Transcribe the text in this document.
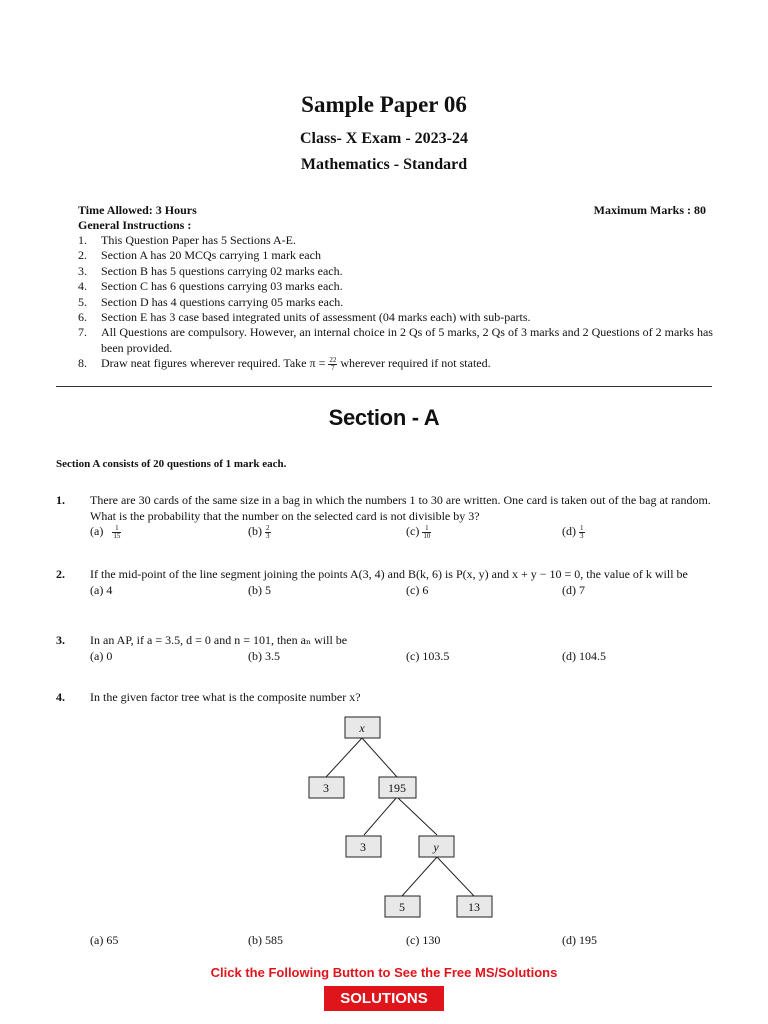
Sample Paper 06
Class- X Exam - 2023-24
Mathematics - Standard
Time Allowed: 3 Hours	Maximum Marks : 80
General Instructions :
1. This Question Paper has 5 Sections A-E.
2. Section A has 20 MCQs carrying 1 mark each
3. Section B has 5 questions carrying 02 marks each.
4. Section C has 6 questions carrying 03 marks each.
5. Section D has 4 questions carrying 05 marks each.
6. Section E has 3 case based integrated units of assessment (04 marks each) with sub-parts.
7. All Questions are compulsory. However, an internal choice in 2 Qs of 5 marks, 2 Qs of 3 marks and 2 Questions of 2 marks has been provided.
8. Draw neat figures wherever required. Take $\pi = \frac{22}{7}$ wherever required if not stated.
Section - A
Section A consists of 20 questions of 1 mark each.
1. There are 30 cards of the same size in a bag in which the numbers 1 to 30 are written. One card is taken out of the bag at random. What is the probability that the number on the selected card is not divisible by 3?
$(a) \frac{1}{15}$	$(b) \frac{2}{3}$	$(c) \frac{1}{10}$	$(d) \frac{1}{3}$
2. If the mid-point of the line segment joining the points A(3, 4) and B(k, 6) is P(x, y) and x + y − 10 = 0, the value of k will be
(a) 4	(b) 5	(c) 6	(d) 7
3. In an AP, if a = 3.5, d = 0 and n = 101, then aₙ will be
(a) 0	(b) 3.5	(c) 103.5	(d) 104.5
4. In the given factor tree what is the composite number x?
x
3	195
3	y
5	13
(a) 65	(b) 585	(c) 130	(d) 195
Click the Following Button to See the Free MS/Solutions
SOLUTIONS
